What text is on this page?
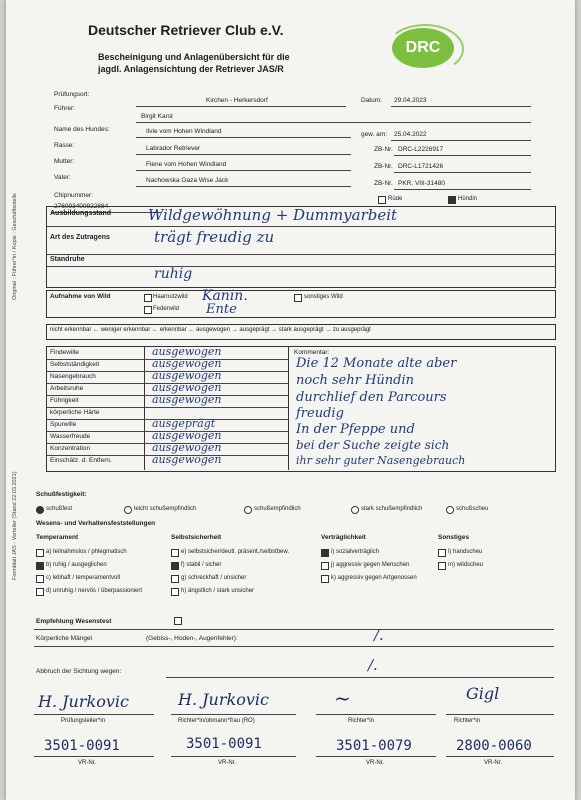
Original : Führer*in / Kopie : Geschäftsstelle
Formblatt JAS - Verteiler (Stand 22.03.2021)
Deutscher Retriever Club e.V.
Bescheinigung und Anlagenübersicht für die
jagdl. Anlagensichtung der Retriever JAS/R
DRC
Prüfungsort:
Kirchen - Herkersdorf	Datum: 29.04.2023
Führer:
Birgit Karst
Name des Hundes:	Ilvie vom Hohen Windland	gew. am: 25.04.2022
Rasse:	Labrador Retriever	ZB-Nr. DRC-L2226917
Mutter:	Fiene vom Hohen Windland	ZB-Nr. DRC-L1721426
Vater:	Nachowska Oaza Wise Jack	ZB-Nr. PKR. VIII-31480
Chipnummer:
276093400922884
Rüde	Hündin
Ausbildungsstand Wildgewöhnung + Dummyarbeit
Art des Zutragens	trägt freudig zu
Standruhe
ruhig
Aufnahme von Wild	Haarnutzwild Kanin.
Federwild Ente
sonstiges Wild
nicht erkennbar ← weniger erkennbar ← erkennbar ← ausgewogen → ausgeprägt → stark ausgeprägt → zu ausgeprägt
Findewille	ausgewogen
Selbstständigkeit	ausgewogen
Nasengebrauch	ausgewogen
Arbeitsruhe	ausgewogen
Führigkeit	ausgewogen
körperliche Härte
Spurwille	ausgeprägt
Wasserfreude	ausgewogen
Konzentration	ausgewogen
Einschätz. d. Entfern.	ausgewogen
Kommentar:
Die 12 Monate alte aber
noch sehr Hündin
durchlief den Parcours
freudig
In der Pfeppe und
bei der Suche zeigte sich
ihr sehr guter Nasengebrauch
Schußfestigkeit:
schußfest	leicht schußempfindlich	schußempfindlich	stark schußempfindlich	schußscheu
Wesens- und Verhaltensfeststellungen
Temperament	Selbstsicherheit	Verträglichkeit	Sonstiges
a) teilnahmslos / phlegmatisch
b) ruhig / ausgeglichen
c) lebhaft / temperamentvoll
d) unruhig / nervös / überpassioniert
e) selbstsicher/deutl. präsent,/selbstbew.
f) stabil / sicher
g) schreckhaft / unsicher
h) ängstlich / stark unsicher
i) sozialverträglich
j) aggressiv gegen Menschen
k) aggressiv gegen Artgenossen
l) handscheu
m) wildscheu
Empfehlung Wesenstest
Körperliche Mängel	(Gebiss-, Hoden-, Augenfehler):	/.
Abbruch der Sichtung wegen:	/.
H. Jurkovic
Prüfungsleiter*in
3501-0091
VR-Nr.
H. Jurkovic
Richter*in/obmann*frau (RO)
3501-0091
VR-Nr.
~
Richter*in
3501-0079
VR-Nr.
Gigl
Richter*in
2800-0060
VR-Nr.
